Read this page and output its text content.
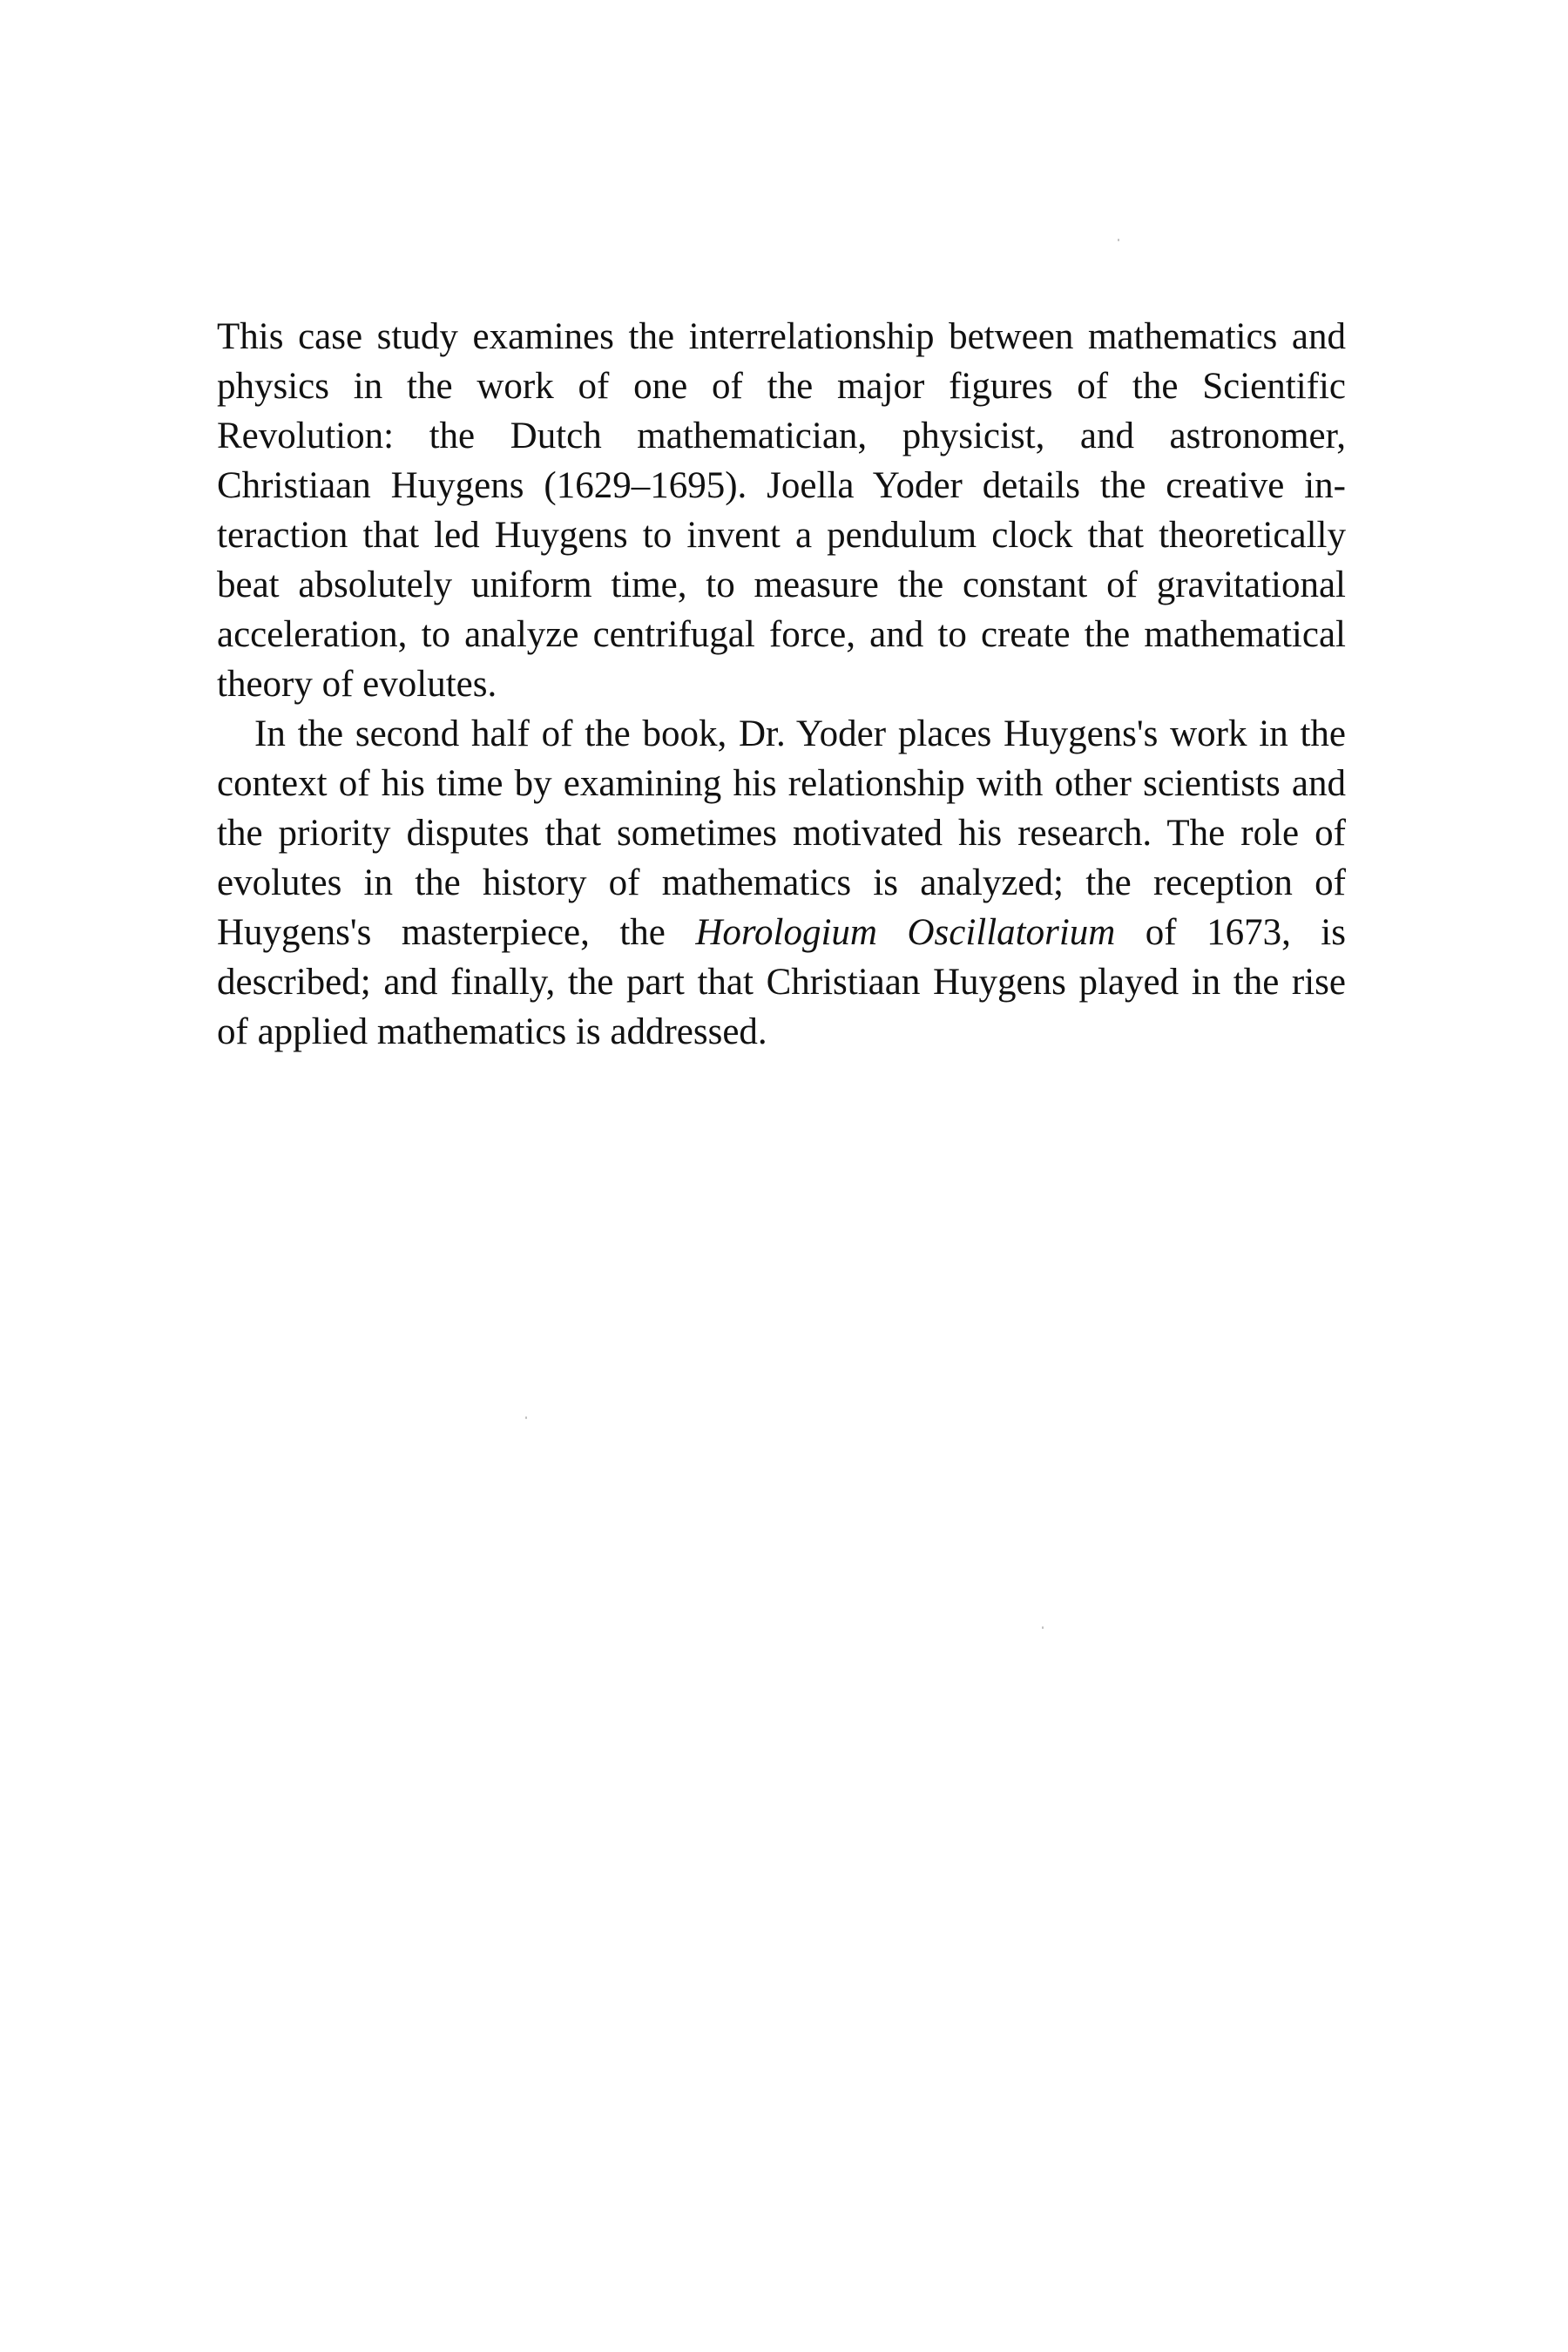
This case study examines the interrelationship between mathematics and physics in the work of one of the major figures of the Scientific Revolution: the Dutch mathematician, physicist, and astronomer, Christiaan Huygens (1629–1695). Joella Yoder details the creative interaction that led Huygens to invent a pendulum clock that theoretically beat absolutely uniform time, to measure the constant of gravitational acceleration, to analyze centrifugal force, and to create the mathematical theory of evolutes.

In the second half of the book, Dr. Yoder places Huygens's work in the context of his time by examining his relationship with other scientists and the priority disputes that sometimes motivated his research. The role of evolutes in the history of mathematics is analyzed; the reception of Huygens's masterpiece, the Horologium Oscillatorium of 1673, is described; and finally, the part that Christiaan Huygens played in the rise of applied mathematics is addressed.
